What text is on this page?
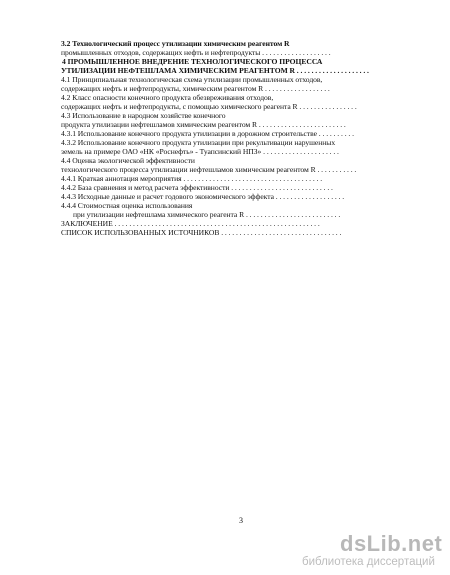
3.2 Технологический процесс утилизации химическим реагентом R
промышленных отходов, содержащих нефть и нефтепродукты . . . . . . . . . . . . . . . . . . .
4 ПРОМЫШЛЕННОЕ ВНЕДРЕНИЕ ТЕХНОЛОГИЧЕСКОГО ПРОЦЕССА
УТИЛИЗАЦИИ НЕФТЕШЛАМА ХИМИЧЕСКИМ РЕАГЕНТОМ R . . . . . . . . . . . . . . . . . . . .
4.1 Принципиальная технологическая схема утилизации промышленных отходов,
содержащих нефть и нефтепродукты, химическим реагентом R . . . . . . . . . . . . . . . . . .
4.2 Класс опасности конечного продукта обезвреживания отходов,
содержащих нефть и нефтепродукты, с помощью химического реагента R . . . . . . . . . . . . . . . .
4.3 Использование в народном хозяйстве конечного
продукта утилизации нефтешламов химическим реагентом R . . . . . . . . . . . . . . . . . . . . . . . .
4.3.1 Использование конечного продукта утилизации в дорожном строительстве . . . . . . . . . .
4.3.2 Использование конечного продукта утилизации при рекультивации нарушенных
земель на примере ОАО «НК «Роснефть» - Туапсинский НПЗ» . . . . . . . . . . . . . . . . . . . . .
4.4 Оценка экологической эффективности
технологического процесса утилизации нефтешламов химическим реагентом R . . . . . . . . . . .
4.4.1 Краткая аннотация мероприятия . . . . . . . . . . . . . . . . . . . . . . . . . . . . . . . . . . . . . .
4.4.2 База сравнения и метод расчета эффективности . . . . . . . . . . . . . . . . . . . . . . . . . . . .
4.4.3 Исходные данные и расчет годового экономического эффекта . . . . . . . . . . . . . . . . . . .
4.4.4 Стоимостная оценка использования
при утилизации нефтешлама химического реагента R . . . . . . . . . . . . . . . . . . . . . . . . . .
ЗАКЛЮЧЕНИЕ . . . . . . . . . . . . . . . . . . . . . . . . . . . . . . . . . . . . . . . . . . . . . . . . . . . . . . . .
СПИСОК ИСПОЛЬЗОВАННЫХ ИСТОЧНИКОВ . . . . . . . . . . . . . . . . . . . . . . . . . . . . . . . . .
3
dsLib.net
библиотека диссертаций
